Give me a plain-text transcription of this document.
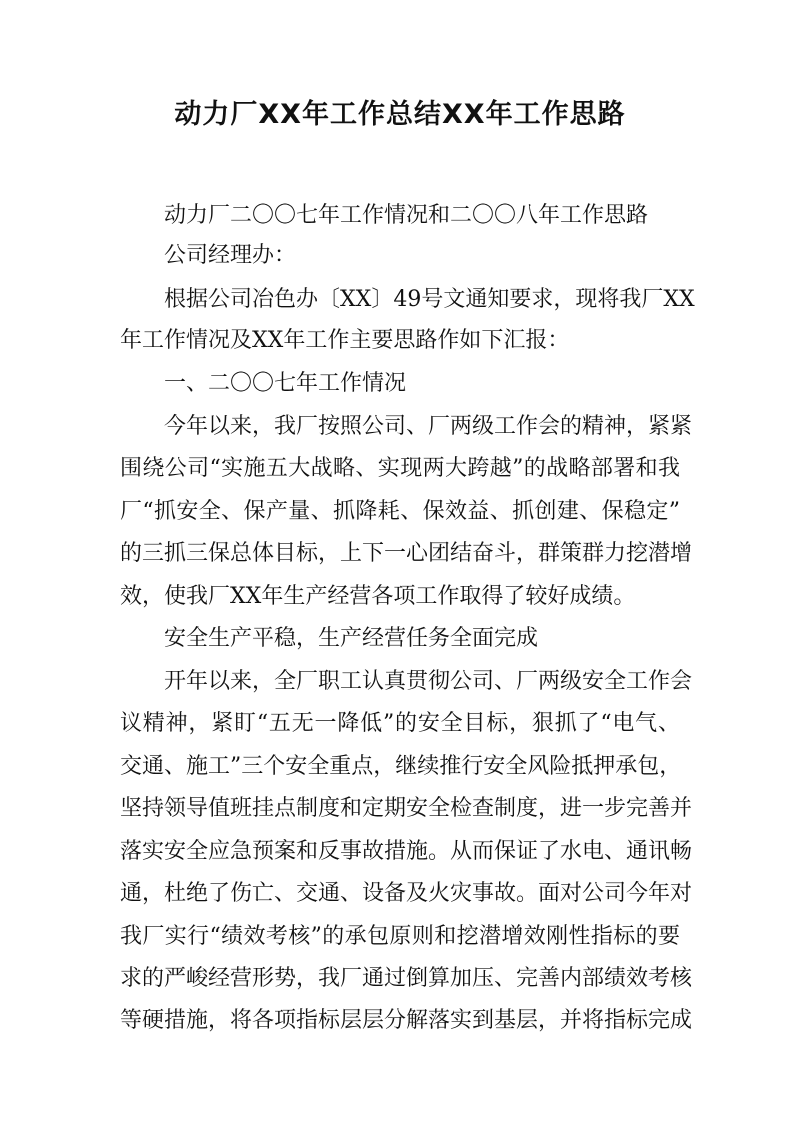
动力厂XX年工作总结XX年工作思路

动力厂二〇〇七年工作情况和二〇〇八年工作思路

公司经理办：

根据公司冶色办〔XX〕49号文通知要求，现将我厂XX

年工作情况及XX年工作主要思路作如下汇报：

一、二〇〇七年工作情况

今年以来，我厂按照公司、厂两级工作会的精神，紧紧

围绕公司“实施五大战略、实现两大跨越”的战略部署和我

厂“抓安全、保产量、抓降耗、保效益、抓创建、保稳定”

的三抓三保总体目标，上下一心团结奋斗，群策群力挖潜增

效，使我厂XX年生产经营各项工作取得了较好成绩。

安全生产平稳，生产经营任务全面完成

开年以来，全厂职工认真贯彻公司、厂两级安全工作会

议精神，紧盯“五无一降低”的安全目标，狠抓了“电气、

交通、施工”三个安全重点，继续推行安全风险抵押承包，

坚持领导值班挂点制度和定期安全检查制度，进一步完善并

落实安全应急预案和反事故措施。从而保证了水电、通讯畅

通，杜绝了伤亡、交通、设备及火灾事故。面对公司今年对

我厂实行“绩效考核”的承包原则和挖潜增效刚性指标的要

求的严峻经营形势，我厂通过倒算加压、完善内部绩效考核

等硬措施，将各项指标层层分解落实到基层，并将指标完成
